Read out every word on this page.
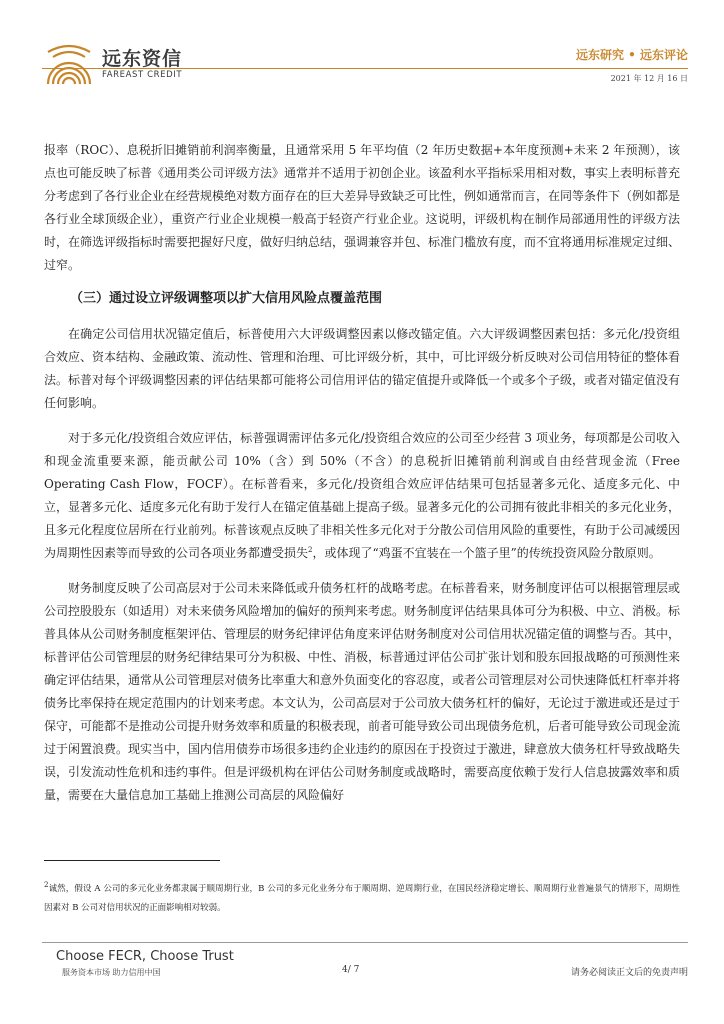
远东资信
FAREAST CREDIT
远东研究 • 远东评论
2021 年 12 月 16 日

报率（ROC）、息税折旧摊销前利润率衡量，且通常采用 5 年平均值（2 年历史数据+本年度预测+未来 2 年预测），该点也可能反映了标普《通用类公司评级方法》通常并不适用于初创企业。该盈利水平指标采用相对数，事实上表明标普充分考虑到了各行业企业在经营规模绝对数方面存在的巨大差异导致缺乏可比性，例如通常而言，在同等条件下（例如都是各行业全球顶级企业），重资产行业企业规模一般高于轻资产行业企业。这说明，评级机构在制作局部通用性的评级方法时，在筛选评级指标时需要把握好尺度，做好归纳总结，强调兼容并包、标准门槛放有度，而不宜将通用标准规定过细、过窄。

（三）通过设立评级调整项以扩大信用风险点覆盖范围

在确定公司信用状况锚定值后，标普使用六大评级调整因素以修改锚定值。六大评级调整因素包括：多元化/投资组合效应、资本结构、金融政策、流动性、管理和治理、可比评级分析，其中，可比评级分析反映对公司信用特征的整体看法。标普对每个评级调整因素的评估结果都可能将公司信用评估的锚定值提升或降低一个或多个子级，或者对锚定值没有任何影响。

对于多元化/投资组合效应评估，标普强调需评估多元化/投资组合效应的公司至少经营 3 项业务，每项都是公司收入和现金流重要来源，能贡献公司 10%（含）到 50%（不含）的息税折旧摊销前利润或自由经营现金流（Free Operating Cash Flow，FOCF）。在标普看来，多元化/投资组合效应评估结果可包括显著多元化、适度多元化、中立，显著多元化、适度多元化有助于发行人在锚定值基础上提高子级。显著多元化的公司拥有彼此非相关的多元化业务，且多元化程度位居所在行业前列。标普该观点反映了非相关性多元化对于分散公司信用风险的重要性，有助于公司减缓因为周期性因素等而导致的公司各项业务都遭受损失$^2$，或体现了“鸡蛋不宜装在一个篮子里”的传统投资风险分散原则。

财务制度反映了公司高层对于公司未来降低或升债务杠杆的战略考虑。在标普看来，财务制度评估可以根据管理层或公司控股股东（如适用）对未来债务风险增加的偏好的预判来考虑。财务制度评估结果具体可分为积极、中立、消极。标普具体从公司财务制度框架评估、管理层的财务纪律评估角度来评估财务制度对公司信用状况锚定值的调整与否。其中，标普评估公司管理层的财务纪律结果可分为积极、中性、消极，标普通过评估公司扩张计划和股东回报战略的可预测性来确定评估结果，通常从公司管理层对债务比率重大和意外负面变化的容忍度，或者公司管理层对公司快速降低杠杆率并将债务比率保持在规定范围内的计划来考虑。本文认为，公司高层对于公司放大债务杠杆的偏好，无论过于激进或还是过于保守，可能都不是推动公司提升财务效率和质量的积极表现，前者可能导致公司出现债务危机，后者可能导致公司现金流过于闲置浪费。现实当中，国内信用债券市场很多违约企业违约的原因在于投资过于激进，肆意放大债务杠杆导致战略失误，引发流动性危机和违约事件。但是评级机构在评估公司财务制度或战略时，需要高度依赖于发行人信息披露效率和质量，需要在大量信息加工基础上推测公司高层的风险偏好

$^2$诚然，假设 A 公司的多元化业务都隶属于顺周期行业，B 公司的多元化业务分布于顺周期、逆周期行业，在国民经济稳定增长、顺周期行业普遍景气的情形下，周期性因素对 B 公司对信用状况的正面影响相对较弱。
Choose FECR, Choose Trust
服务资本市场 助力信用中国	4/ 7	请务必阅读正文后的免责声明
